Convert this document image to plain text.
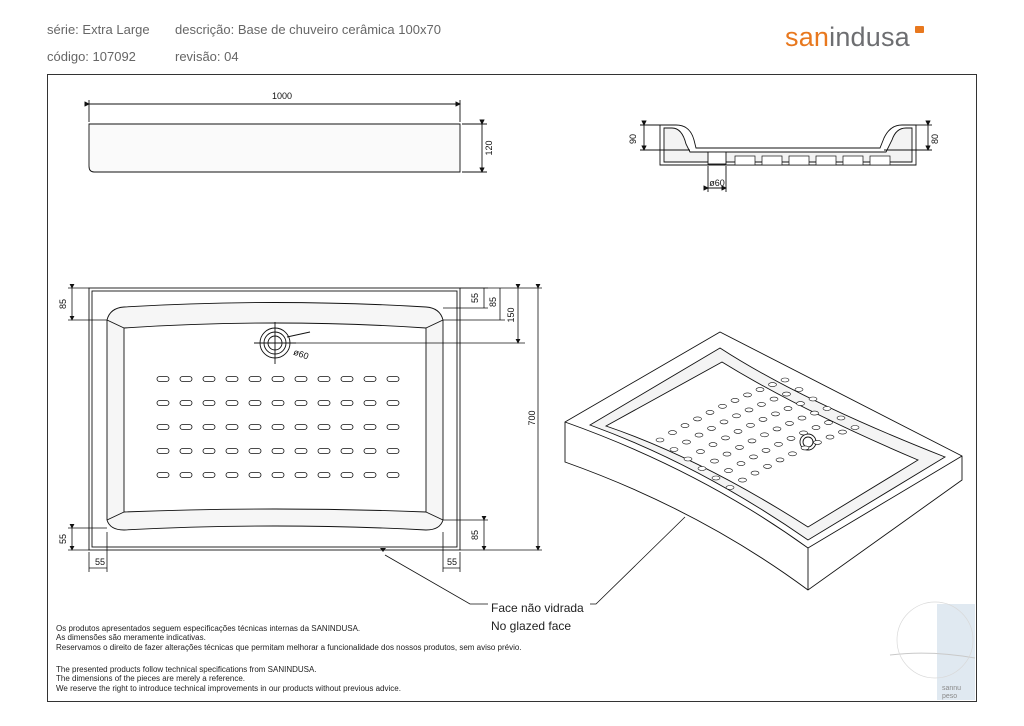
série: Extra Large descrição: Base de chuveiro cerâmica 100x70
código: 107092	revisão: 04
sanindusa
1000
120
90	80
ø60
85
55 85
150
ø60
700
55	85
55	55
Face não vidrada
No glazed face
sannu
peso
Os produtos apresentados seguem especificações técnicas internas da SANINDUSA.
As dimensões são meramente indicativas.
Reservamos o direito de fazer alterações técnicas que permitam melhorar a funcionalidade dos nossos produtos, sem aviso prévio.
The presented products follow technical specifications from SANINDUSA.
The dimensions of the pieces are merely a reference.
We reserve the right to introduce technical improvements in our products without previous advice.
